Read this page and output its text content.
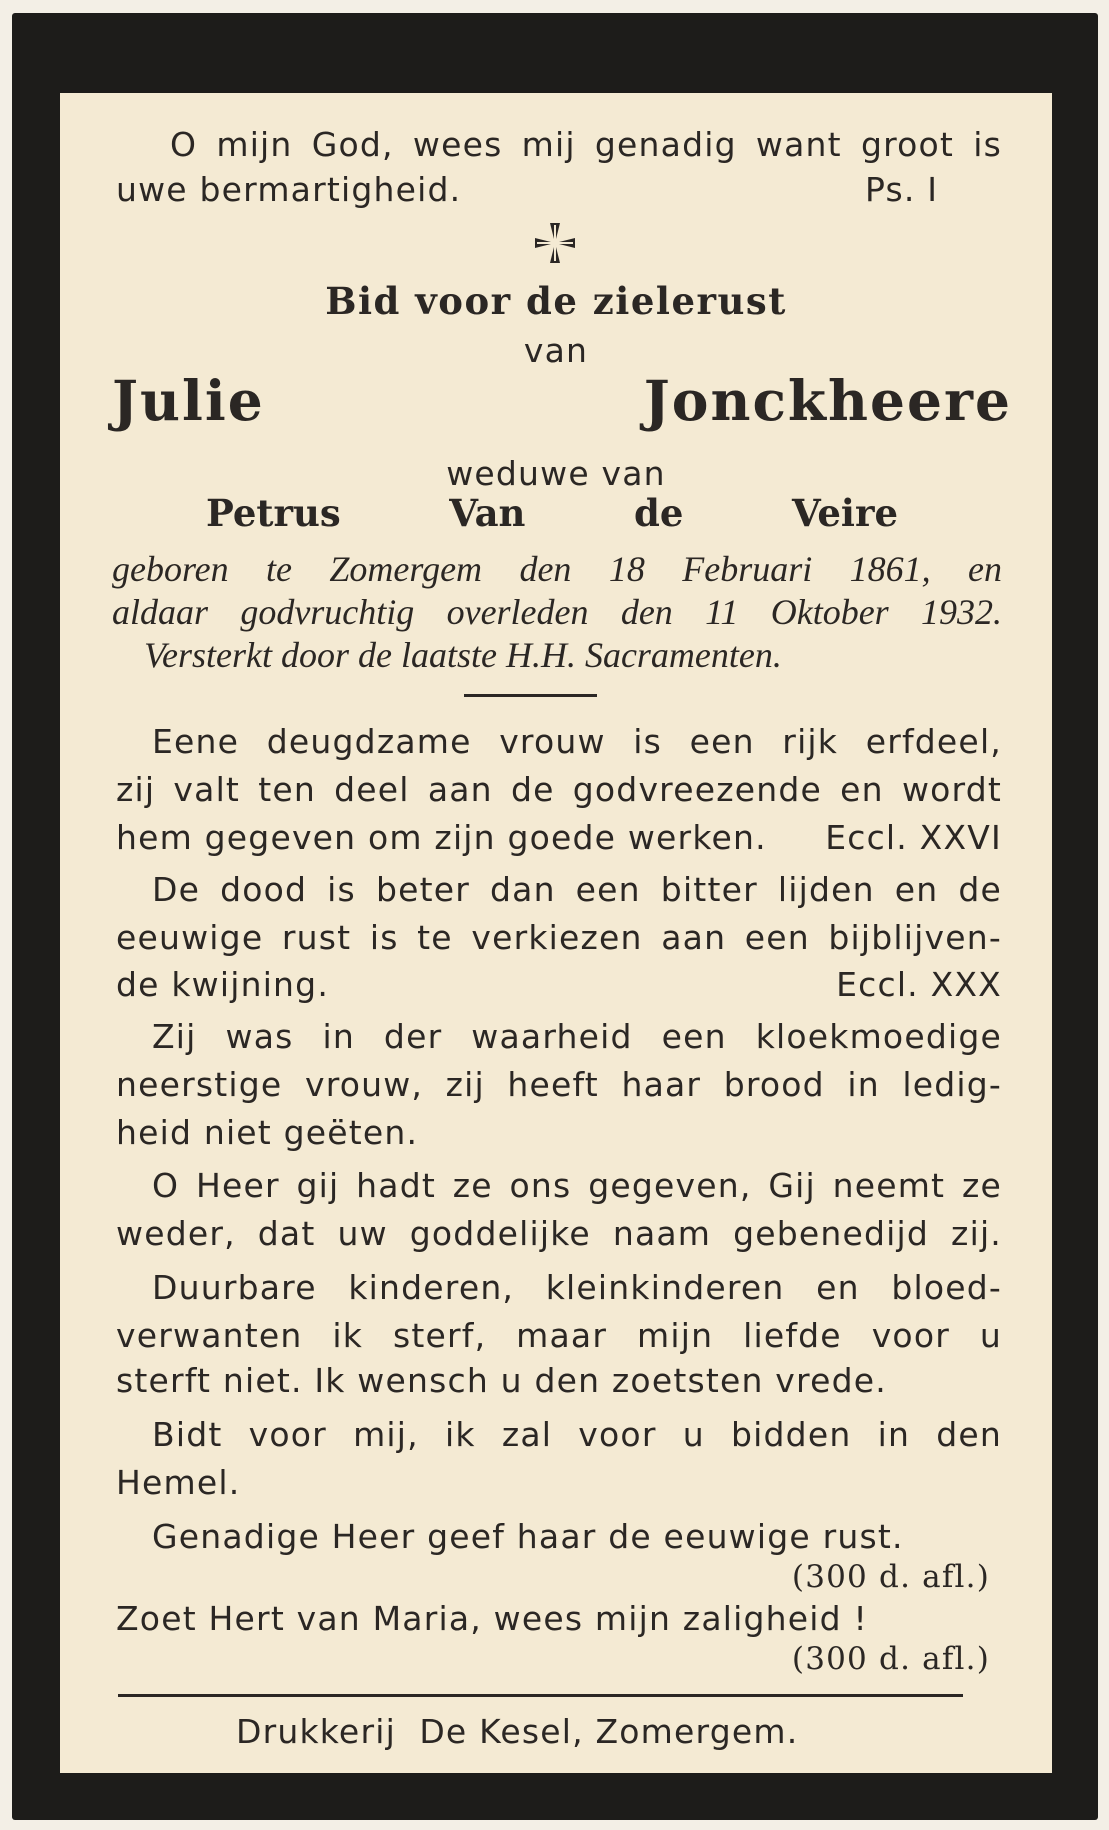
O mijn God, wees mij genadig want groot is
uwe bermartigheid.	Ps. I
Bid voor de zielerust
van
Julie Jonckheere
weduwe van
Petrus Van de Veire
geboren te Zomergem den 18 Februari 1861, en
aldaar godvruchtig overleden den 11 Oktober 1932.
Versterkt door de laatste H.H. Sacramenten.
Eene deugdzame vrouw is een rijk erfdeel,
zij valt ten deel aan de godvreezende en wordt
hem gegeven om zijn goede werken.	Eccl. XXVI
De dood is beter dan een bitter lijden en de
eeuwige rust is te verkiezen aan een bijblijven-
de kwijning.	Eccl. XXX
Zij was in der waarheid een kloekmoedige
neerstige vrouw, zij heeft haar brood in ledig-
heid niet geëten.
O Heer gij hadt ze ons gegeven, Gij neemt ze
weder, dat uw goddelijke naam gebenedijd zij.
Duurbare kinderen, kleinkinderen en bloed-
verwanten ik sterf, maar mijn liefde voor u
sterft niet. Ik wensch u den zoetsten vrede.
Bidt voor mij, ik zal voor u bidden in den
Hemel.
Genadige Heer geef haar de eeuwige rust.
(300 d. afl.)
Zoet Hert van Maria, wees mijn zaligheid !
(300 d. afl.)
Drukkerij  De Kesel, Zomergem.
